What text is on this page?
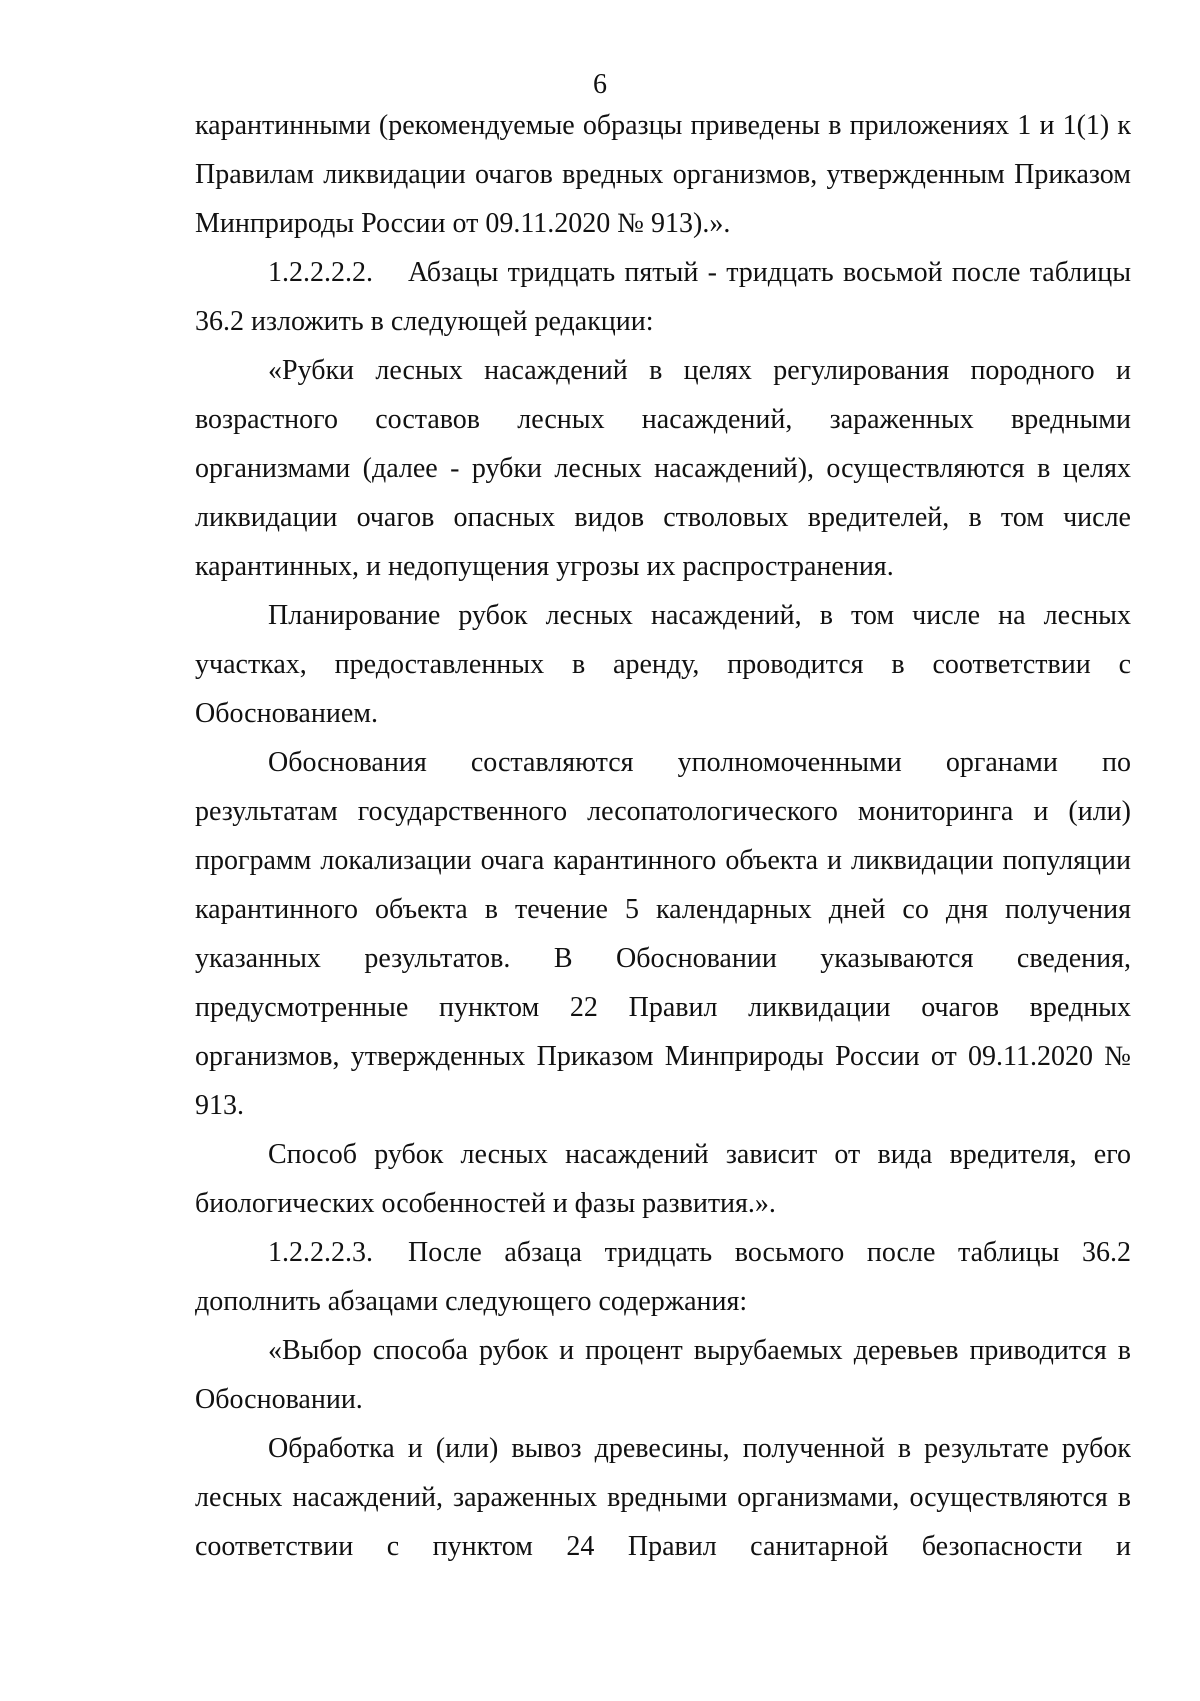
6

карантинными (рекомендуемые образцы приведены в приложениях 1 и 1(1) к Правилам ликвидации очагов вредных организмов, утвержденным Приказом Минприроды России от 09.11.2020 № 913).».

1.2.2.2.2. Абзацы тридцать пятый - тридцать восьмой после таблицы 36.2 изложить в следующей редакции:

«Рубки лесных насаждений в целях регулирования породного и возрастного составов лесных насаждений, зараженных вредными организмами (далее - рубки лесных насаждений), осуществляются в целях ликвидации очагов опасных видов стволовых вредителей, в том числе карантинных, и недопущения угрозы их распространения.

Планирование рубок лесных насаждений, в том числе на лесных участках, предоставленных в аренду, проводится в соответствии с Обоснованием.

Обоснования составляются уполномоченными органами по результатам государственного лесопатологического мониторинга и (или) программ локализации очага карантинного объекта и ликвидации популяции карантинного объекта в течение 5 календарных дней со дня получения указанных результатов. В Обосновании указываются сведения, предусмотренные пунктом 22 Правил ликвидации очагов вредных организмов, утвержденных Приказом Минприроды России от 09.11.2020 № 913.

Способ рубок лесных насаждений зависит от вида вредителя, его биологических особенностей и фазы развития.».

1.2.2.2.3. После абзаца тридцать восьмого после таблицы 36.2 дополнить абзацами следующего содержания:

«Выбор способа рубок и процент вырубаемых деревьев приводится в Обосновании.

Обработка и (или) вывоз древесины, полученной в результате рубок лесных насаждений, зараженных вредными организмами, осуществляются в соответствии с пунктом 24 Правил санитарной безопасности и
